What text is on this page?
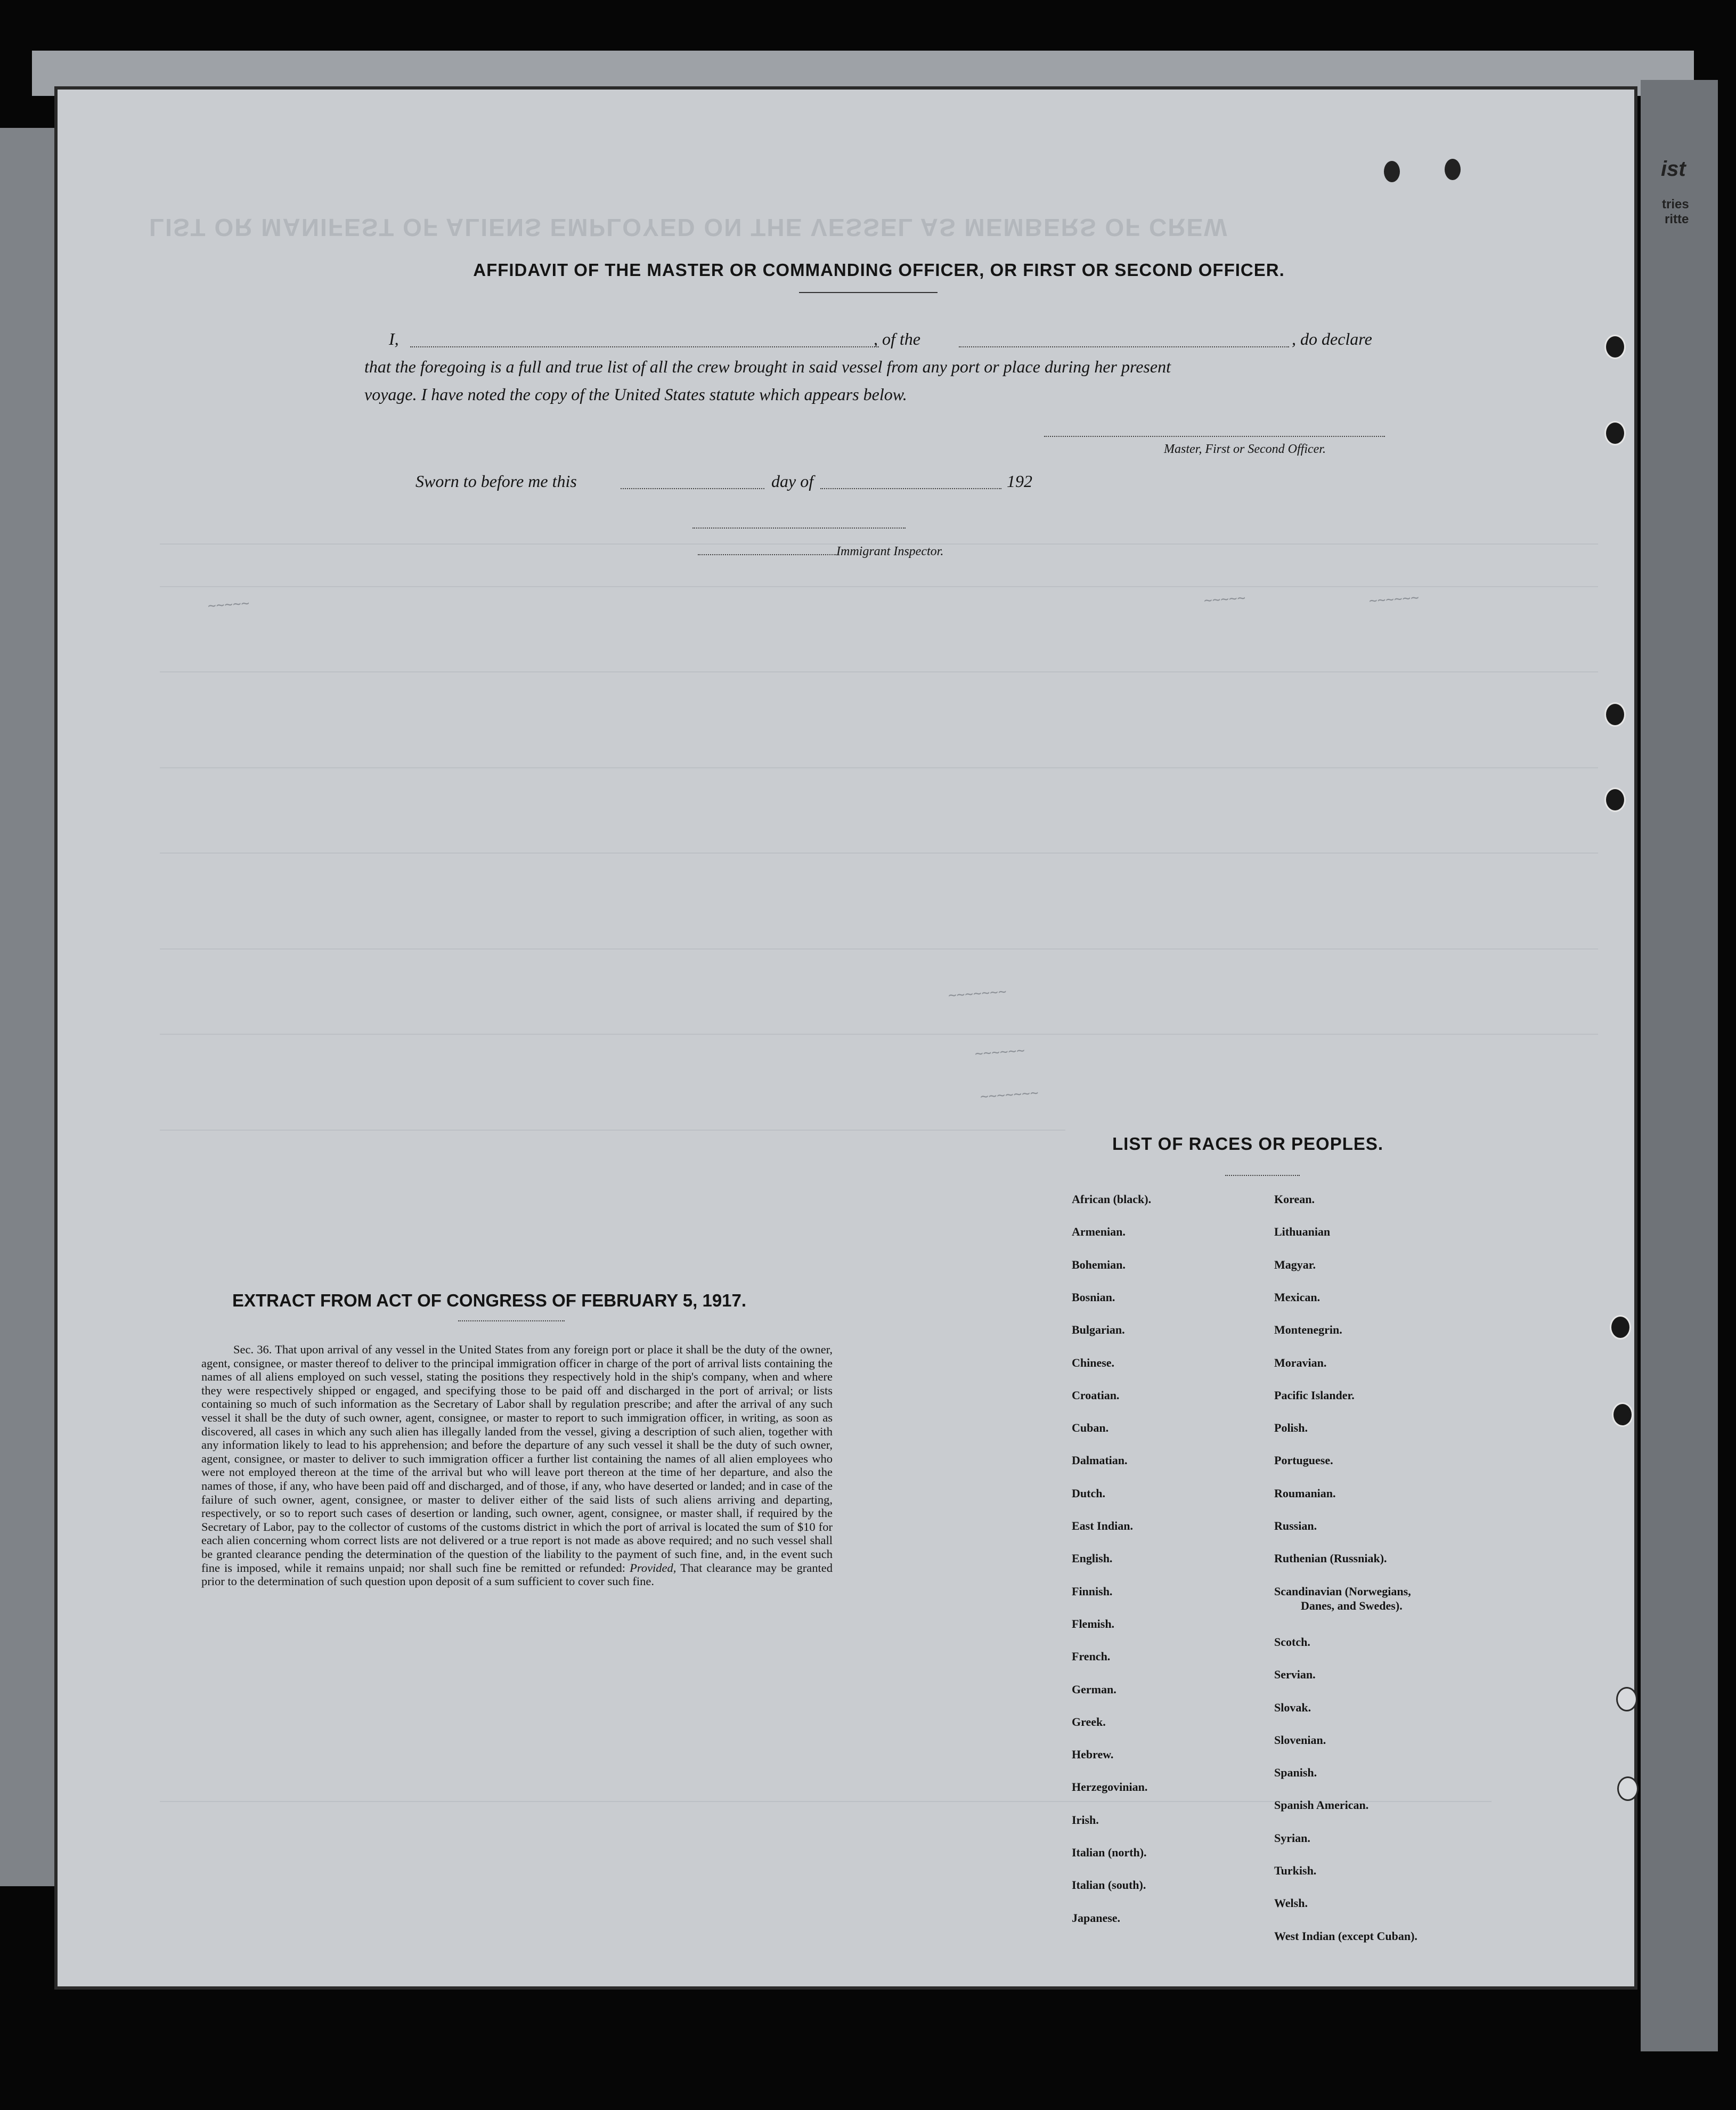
LIST OR MANIFEST OF ALIENS EMPLOYED ON THE VESSEL AS MEMBERS OF CREW
AFFIDAVIT OF THE MASTER OR COMMANDING OFFICER, OR FIRST OR SECOND OFFICER.
I,	, of the	, do declare
that the foregoing is a full and true list of all the crew brought in said vessel from any port or place during her present
voyage. I have noted the copy of the United States statute which appears below.
Master, First or Second Officer.
Sworn to before me this	day of	192
Immigrant Inspector.
~~~~~	~~~~~	~~~~~~
~~~~~~~
~~~~~~
~~~~~~~
EXTRACT FROM ACT OF CONGRESS OF FEBRUARY 5, 1917.
Sec. 36. That upon arrival of any vessel in the United States from any foreign port or place it shall be the duty of the owner, agent, consignee, or master thereof to deliver to the principal immigration officer in charge of the port of arrival lists containing the names of all aliens employed on such vessel, stating the positions they respectively hold in the ship's company, when and where they were respectively shipped or engaged, and specifying those to be paid off and discharged in the port of arrival; or lists containing so much of such information as the Secretary of Labor shall by regulation prescribe; and after the arrival of any such vessel it shall be the duty of such owner, agent, consignee, or master to report to such immigration officer, in writing, as soon as discovered, all cases in which any such alien has illegally landed from the vessel, giving a description of such alien, together with any information likely to lead to his apprehension; and before the departure of any such vessel it shall be the duty of such owner, agent, consignee, or master to deliver to such immigration officer a further list containing the names of all alien employees who were not employed thereon at the time of the arrival but who will leave port thereon at the time of her departure, and also the names of those, if any, who have been paid off and discharged, and of those, if any, who have deserted or landed; and in case of the failure of such owner, agent, consignee, or master to deliver either of the said lists of such aliens arriving and departing, respectively, or so to report such cases of desertion or landing, such owner, agent, consignee, or master shall, if required by the Secretary of Labor, pay to the collector of customs of the customs district in which the port of arrival is located the sum of $10 for each alien concerning whom correct lists are not delivered or a true report is not made as above required; and no such vessel shall be granted clearance pending the determination of the question of the liability to the payment of such fine, and, in the event such fine is imposed, while it remains unpaid; nor shall such fine be remitted or refunded: Provided, That clearance may be granted prior to the determination of such question upon deposit of a sum sufficient to cover such fine.
LIST OF RACES OR PEOPLES.
African (black).
Armenian.
Bohemian.
Bosnian.
Bulgarian.
Chinese.
Croatian.
Cuban.
Dalmatian.
Dutch.
East Indian.
English.
Finnish.
Flemish.
French.
German.
Greek.
Hebrew.
Herzegovinian.
Irish.
Italian (north).
Italian (south).
Japanese.
Korean.
Lithuanian
Magyar.
Mexican.
Montenegrin.
Moravian.
Pacific Islander.
Polish.
Portuguese.
Roumanian.
Russian.
Ruthenian (Russniak).
Scandinavian (Norwegians,
Danes, and Swedes).
Scotch.
Servian.
Slovak.
Slovenian.
Spanish.
Spanish American.
Syrian.
Turkish.
Welsh.
West Indian (except Cuban).
ist
tries
ritte
